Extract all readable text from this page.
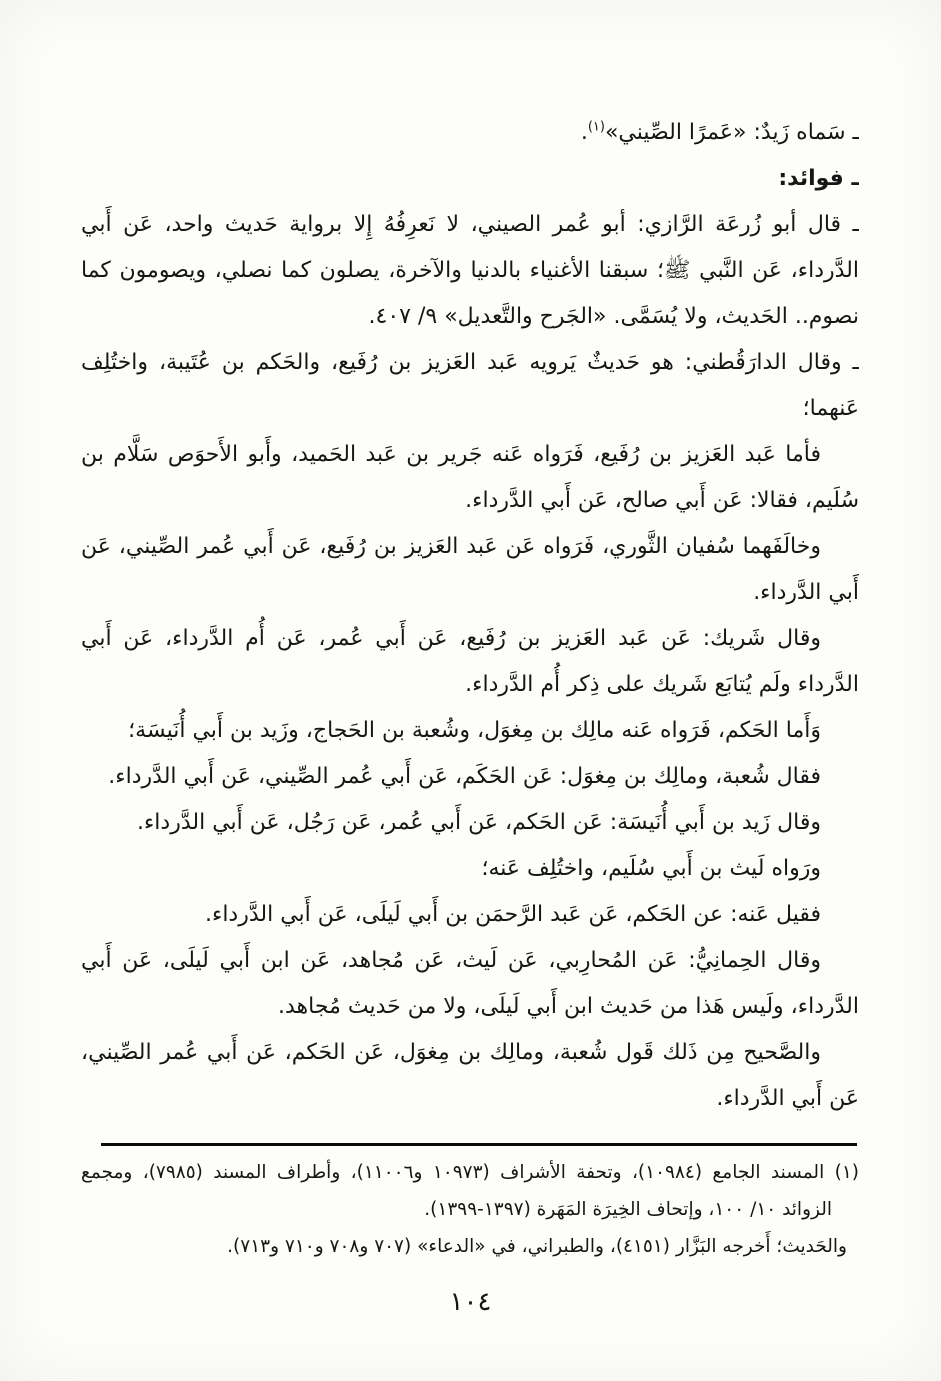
ـ سَماه زَيدٌ: «عَمرًا الصِّيني»$^{(١)}$.

ـ فوائد:

ـ قال أبو زُرعَة الرَّازي: أبو عُمر الصيني، لا نَعرِفُهُ إِلا برواية حَديث واحد، عَن أَبي الدَّرداء، عَن النَّبي ﷺ؛ سبقنا الأغنياء بالدنيا والآخرة، يصلون كما نصلي، ويصومون كما نصوم.. الحَديث، ولا يُسَمَّى. «الجَرح والتَّعديل» ٩/ ٤٠٧.

ـ وقال الدارَقُطني: هو حَديثٌ يَرويه عَبد العَزيز بن رُفَيع، والحَكم بن عُتَيبة، واختُلِف عَنهما؛

فأما عَبد العَزيز بن رُفَيع، فَرَواه عَنه جَرير بن عَبد الحَميد، وأَبو الأَحوَص سَلَّام بن سُلَيم، فقالا: عَن أَبي صالح، عَن أَبي الدَّرداء.

وخالَفَهما سُفيان الثَّوري، فَرَواه عَن عَبد العَزيز بن رُفَيع، عَن أَبي عُمر الصِّيني، عَن أَبي الدَّرداء.

وقال شَريك: عَن عَبد العَزيز بن رُفَيع، عَن أَبي عُمر، عَن أُم الدَّرداء، عَن أَبي الدَّرداء ولَم يُتابَع شَريك على ذِكر أُم الدَّرداء.

وَأَما الحَكم، فَرَواه عَنه مالِك بن مِغوَل، وشُعبة بن الحَجاج، وزَيد بن أَبي أُنَيسَة؛

فقال شُعبة، ومالِك بن مِغوَل: عَن الحَكَم، عَن أَبي عُمر الصِّيني، عَن أَبي الدَّرداء.

وقال زَيد بن أَبي أُنَيسَة: عَن الحَكم، عَن أَبي عُمر، عَن رَجُل، عَن أَبي الدَّرداء.

ورَواه لَيث بن أَبي سُلَيم، واختُلِف عَنه؛

فقيل عَنه: عن الحَكم، عَن عَبد الرَّحمَن بن أَبي لَيلَى، عَن أَبي الدَّرداء.

وقال الحِمانِيُّ: عَن المُحارِبي، عَن لَيث، عَن مُجاهد، عَن ابن أَبي لَيلَى، عَن أَبي الدَّرداء، ولَيس هَذا من حَديث ابن أَبي لَيلَى، ولا من حَديث مُجاهد.

والصَّحيح مِن ذَلك قَول شُعبة، ومالِك بن مِغوَل، عَن الحَكم، عَن أَبي عُمر الصِّيني، عَن أَبي الدَّرداء.

(١) المسند الجامع (١٠٩٨٤)، وتحفة الأشراف (١٠٩٧٣ و١١٠٠٦)، وأطراف المسند (٧٩٨٥)، ومجمع الزوائد ١٠/ ١٠٠، وإتحاف الخِيرَة المَهَرة (١٣٩٧-١٣٩٩).

والحَديث؛ أَخرجه البَزَّار (٤١٥١)، والطبراني، في «الدعاء» (٧٠٧ و٧٠٨ و٧١٠ و٧١٣).

١٠٤
